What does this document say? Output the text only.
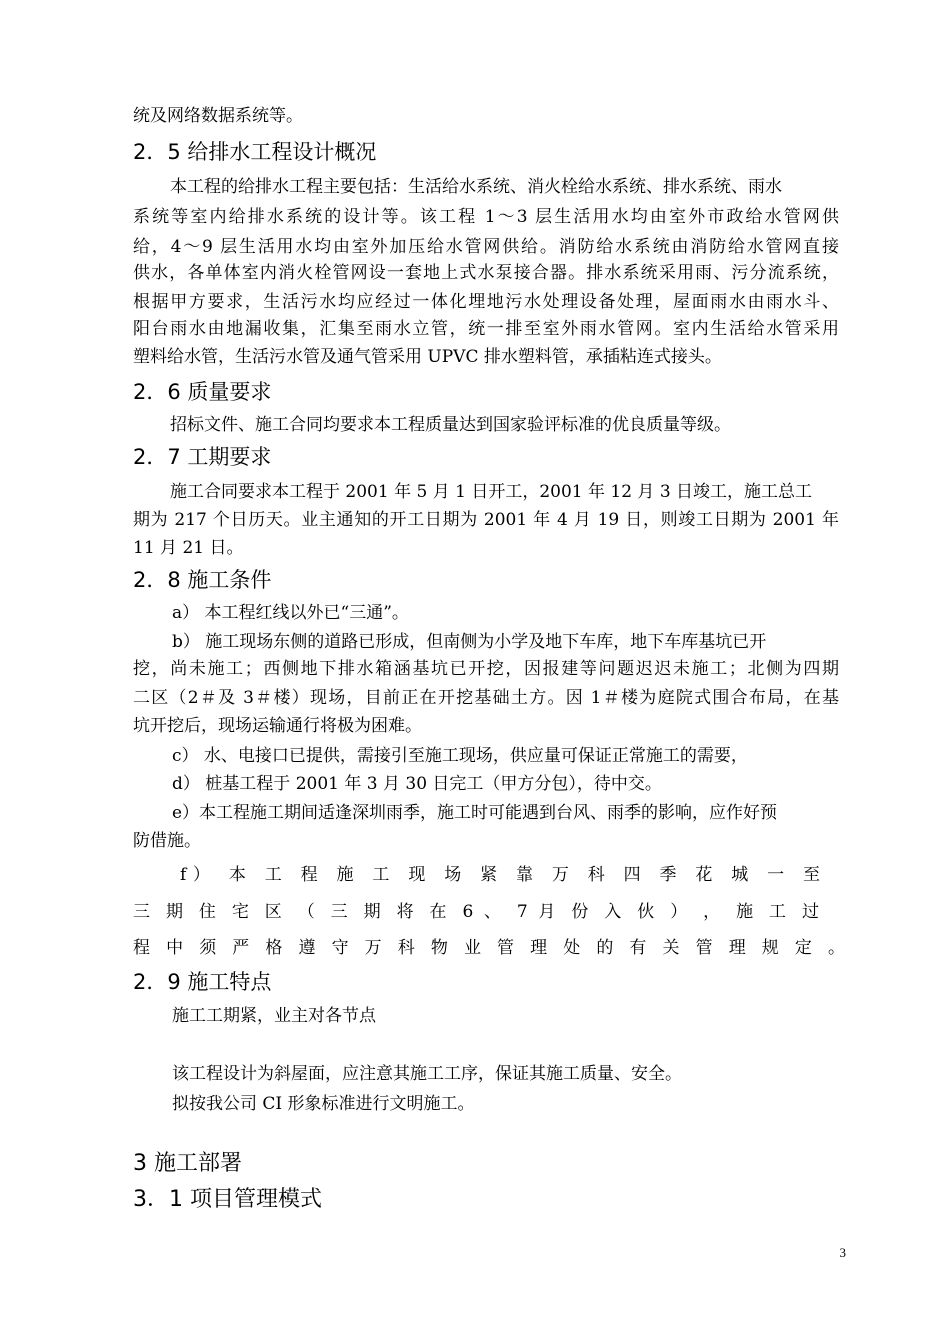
统及网络数据系统等。
2．5 给排水工程设计概况
本工程的给排水工程主要包括：生活给水系统、消火栓给水系统、排水系统、雨水
系统等室内给排水系统的设计等。该工程 1～3 层生活用水均由室外市政给水管网供
给，4～9 层生活用水均由室外加压给水管网供给。消防给水系统由消防给水管网直接
供水，各单体室内消火栓管网设一套地上式水泵接合器。排水系统采用雨、污分流系统，
根据甲方要求，生活污水均应经过一体化埋地污水处理设备处理，屋面雨水由雨水斗、
阳台雨水由地漏收集，汇集至雨水立管，统一排至室外雨水管网。室内生活给水管采用
塑料给水管，生活污水管及通气管采用 UPVC 排水塑料管，承插粘连式接头。
2．6 质量要求
招标文件、施工合同均要求本工程质量达到国家验评标准的优良质量等级。
2．7 工期要求
施工合同要求本工程于 2001 年 5 月 1 日开工，2001 年 12 月 3 日竣工，施工总工
期为 217 个日历天。业主通知的开工日期为 2001 年 4 月 19 日，则竣工日期为 2001 年
11 月 21 日。
2．8 施工条件
a） 本工程红线以外已“三通”。
b） 施工现场东侧的道路已形成，但南侧为小学及地下车库，地下车库基坑已开
挖，尚未施工；西侧地下排水箱涵基坑已开挖，因报建等问题迟迟未施工；北侧为四期
二区（2＃及 3＃楼）现场，目前正在开挖基础土方。因 1＃楼为庭院式围合布局，在基
坑开挖后，现场运输通行将极为困难。
c） 水、电接口已提供，需接引至施工现场，供应量可保证正常施工的需要，
d） 桩基工程于 2001 年 3 月 30 日完工（甲方分包），待中交。
e）本工程施工期间适逢深圳雨季，施工时可能遇到台风、雨季的影响，应作好预
防借施。
f） 本 工 程 施 工 现 场 紧 靠 万 科 四 季 花 城 一 至
三 期 住 宅 区 （ 三 期 将 在 6 、 7 月 份 入 伙 ） ， 施 工 过
程 中 须 严 格 遵 守 万 科 物 业 管 理 处 的 有 关 管 理 规 定 。
2．9 施工特点
施工工期紧，业主对各节点
该工程设计为斜屋面，应注意其施工工序，保证其施工质量、安全。
拟按我公司 CI 形象标准进行文明施工。
3 施工部署
3．1 项目管理模式
3
